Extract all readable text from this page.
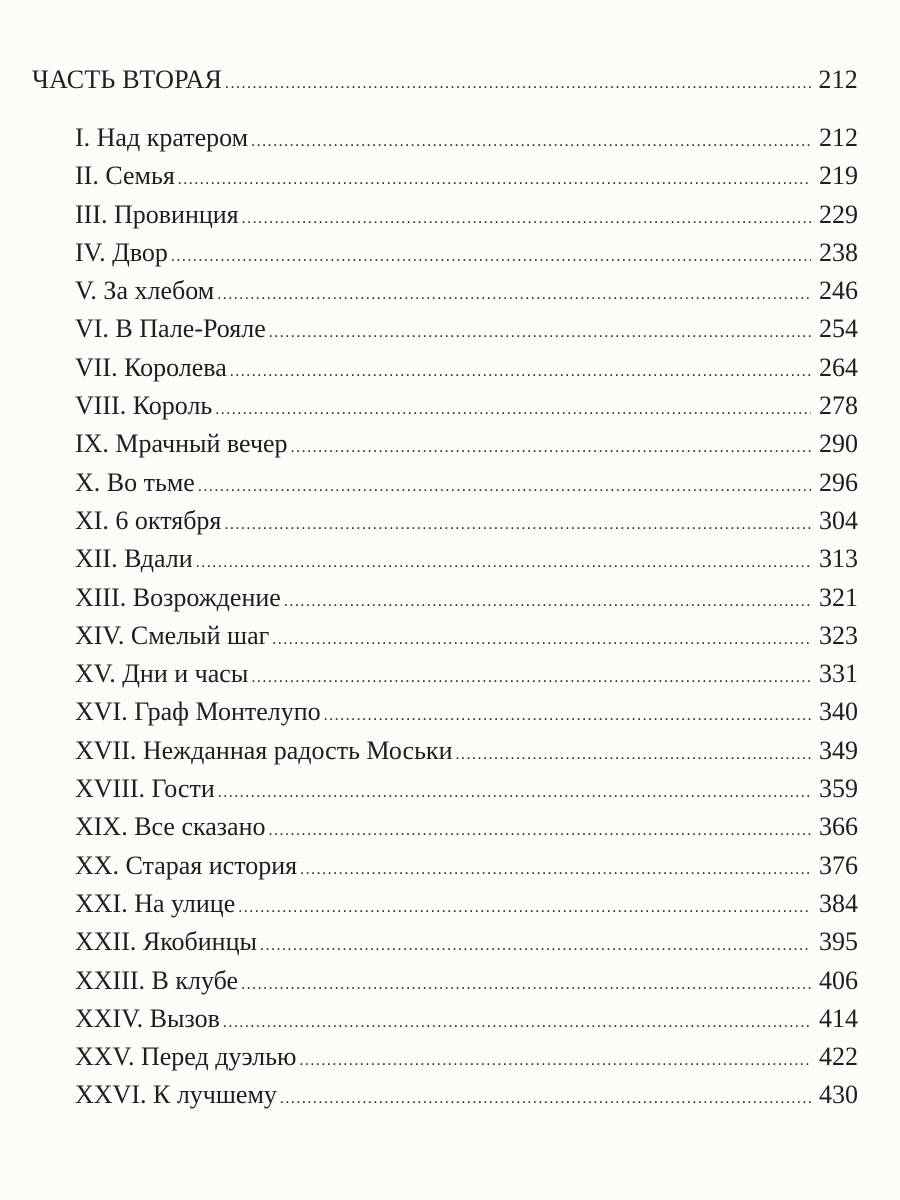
ЧАСТЬ ВТОРАЯ .....	212
I. Над кратером .....	212
II. Семья .....	219
III. Провинция .....	229
IV. Двор .....	238
V. За хлебом .....	246
VI. В Пале-Рояле .....	254
VII. Королева .....	264
VIII. Король .....	278
IX. Мрачный вечер .....	290
X. Во тьме .....	296
XI. 6 октября .....	304
XII. Вдали .....	313
XIII. Возрождение .....	321
XIV. Смелый шаг .....	323
XV. Дни и часы .....	331
XVI. Граф Монтелупо .....	340
XVII. Нежданная радость Моськи .....	349
XVIII. Гости .....	359
XIX. Все сказано .....	366
XX. Старая история .....	376
XXI. На улице .....	384
XXII. Якобинцы .....	395
XXIII. В клубе .....	406
XXIV. Вызов .....	414
XXV. Перед дуэлью .....	422
XXVI. К лучшему .....	430
